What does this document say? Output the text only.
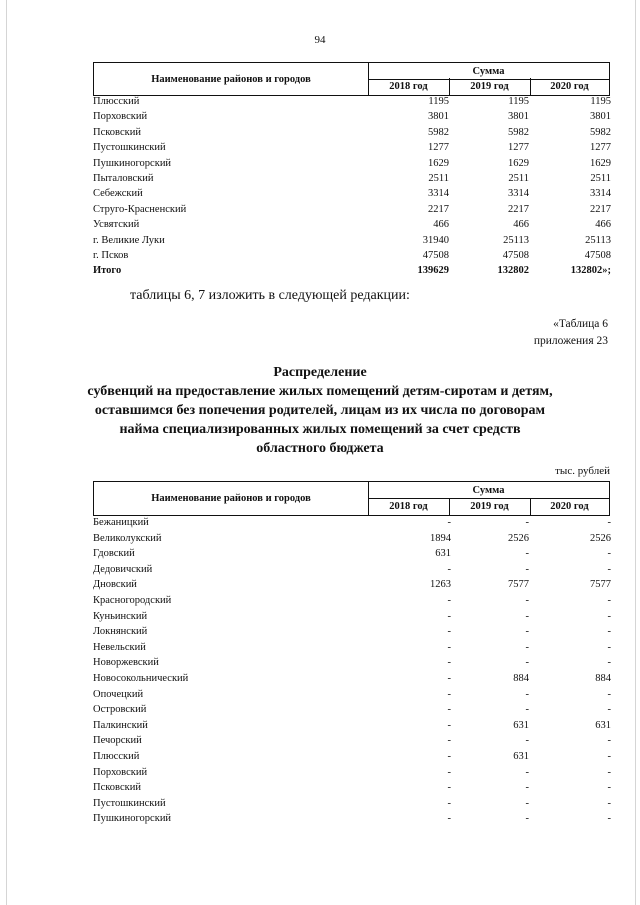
94
Наименование районов и городов
Сумма
2018 год	2019 год	2020 год
Плюсский	1195	1195	1195
Порховский	3801	3801	3801
Псковский	5982	5982	5982
Пустошкинский	1277	1277	1277
Пушкиногорский	1629	1629	1629
Пыталовский	2511	2511	2511
Себежский	3314	3314	3314
Струго-Красненский	2217	2217	2217
Усвятский	466	466	466
г. Великие Луки	31940	25113	25113
г. Псков	47508	47508	47508
Итого	139629	132802	132802»;
таблицы 6, 7 изложить в следующей редакции:
«Таблица 6
приложения 23
Распределение
субвенций на предоставление жилых помещений детям-сиротам и детям,
оставшимся без попечения родителей, лицам из их числа по договорам
найма специализированных жилых помещений за счет средств
областного бюджета
тыс. рублей
Наименование районов и городов
Сумма
2018 год	2019 год	2020 год
Бежаницкий	-	-	-
Великолукский	1894	2526	2526
Гдовский	631	-	-
Дедовичский	-	-	-
Дновский	1263	7577	7577
Красногородский	-	-	-
Куньинский	-	-	-
Локнянский	-	-	-
Невельский	-	-	-
Новоржевский	-	-	-
Новосокольнический	-	884	884
Опочецкий	-	-	-
Островский	-	-	-
Палкинский	-	631	631
Печорский	-	-	-
Плюсский	-	631	-
Порховский	-	-	-
Псковский	-	-	-
Пустошкинский	-	-	-
Пушкиногорский	-	-	-
